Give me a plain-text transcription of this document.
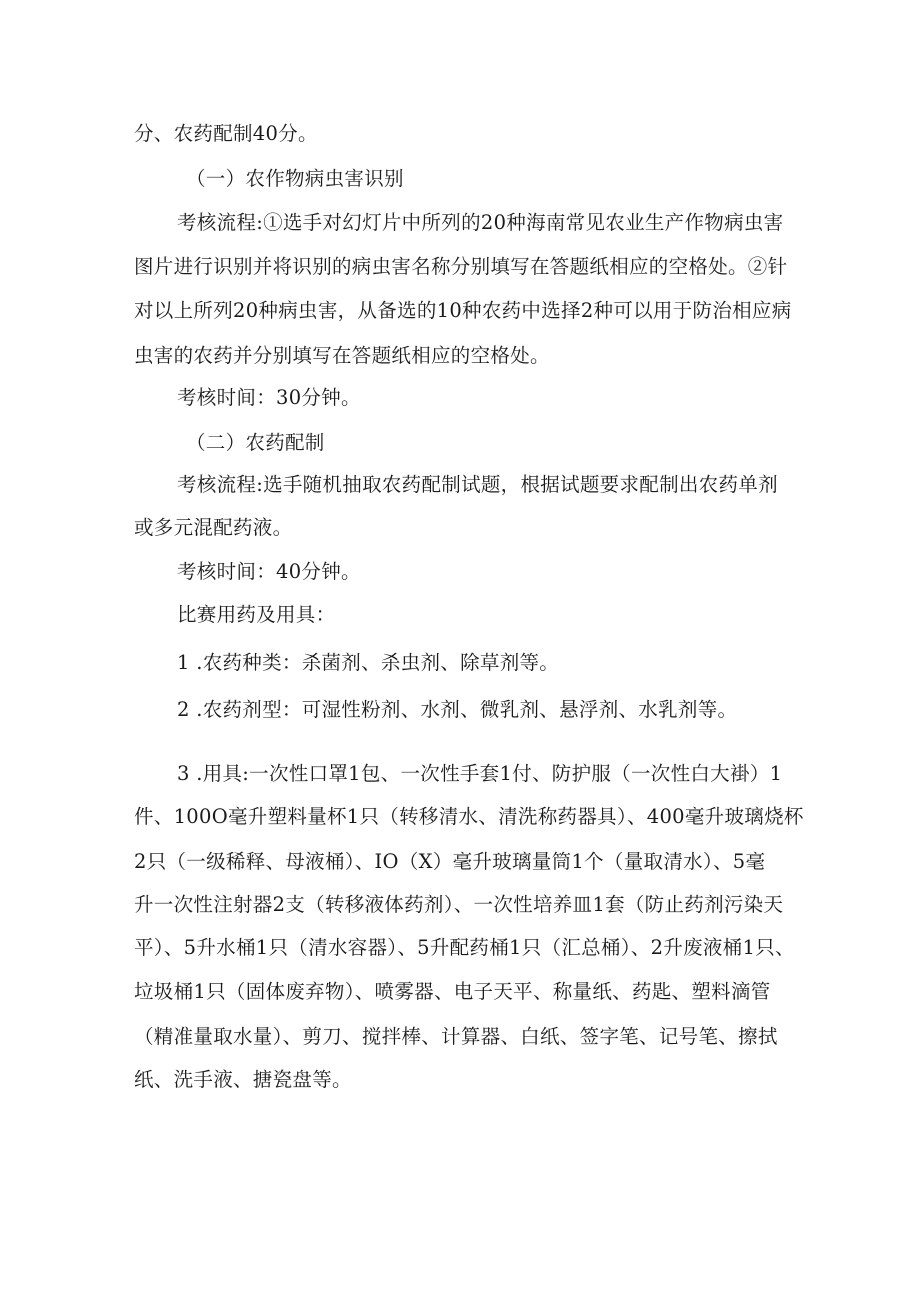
分、农药配制40分。
（一）农作物病虫害识别
考核流程:①选手对幻灯片中所列的20种海南常见农业生产作物病虫害
图片进行识别并将识别的病虫害名称分别填写在答题纸相应的空格处。②针
对以上所列20种病虫害，从备选的10种农药中选择2种可以用于防治相应病
虫害的农药并分别填写在答题纸相应的空格处。
考核时间：30分钟。
（二）农药配制
考核流程:选手随机抽取农药配制试题，根据试题要求配制出农药单剂
或多元混配药液。
考核时间：40分钟。
比赛用药及用具：
1 .农药种类：杀菌剂、杀虫剂、除草剂等。
2 .农药剂型：可湿性粉剂、水剂、微乳剂、悬浮剂、水乳剂等。
3 .用具:一次性口罩1包、一次性手套1付、防护服（一次性白大褂）1
件、100O毫升塑料量杯1只（转移清水、清洗称药器具）、400毫升玻璃烧杯
2只（一级稀释、母液桶）、IO（X）毫升玻璃量筒1个（量取清水）、5毫
升一次性注射器2支（转移液体药剂）、一次性培养皿1套（防止药剂污染天
平）、5升水桶1只（清水容器）、5升配药桶1只（汇总桶）、2升废液桶1只、
垃圾桶1只（固体废弃物）、喷雾器、电子天平、称量纸、药匙、塑料滴管
（精准量取水量）、剪刀、搅拌棒、计算器、白纸、签字笔、记号笔、擦拭
纸、洗手液、搪瓷盘等。
